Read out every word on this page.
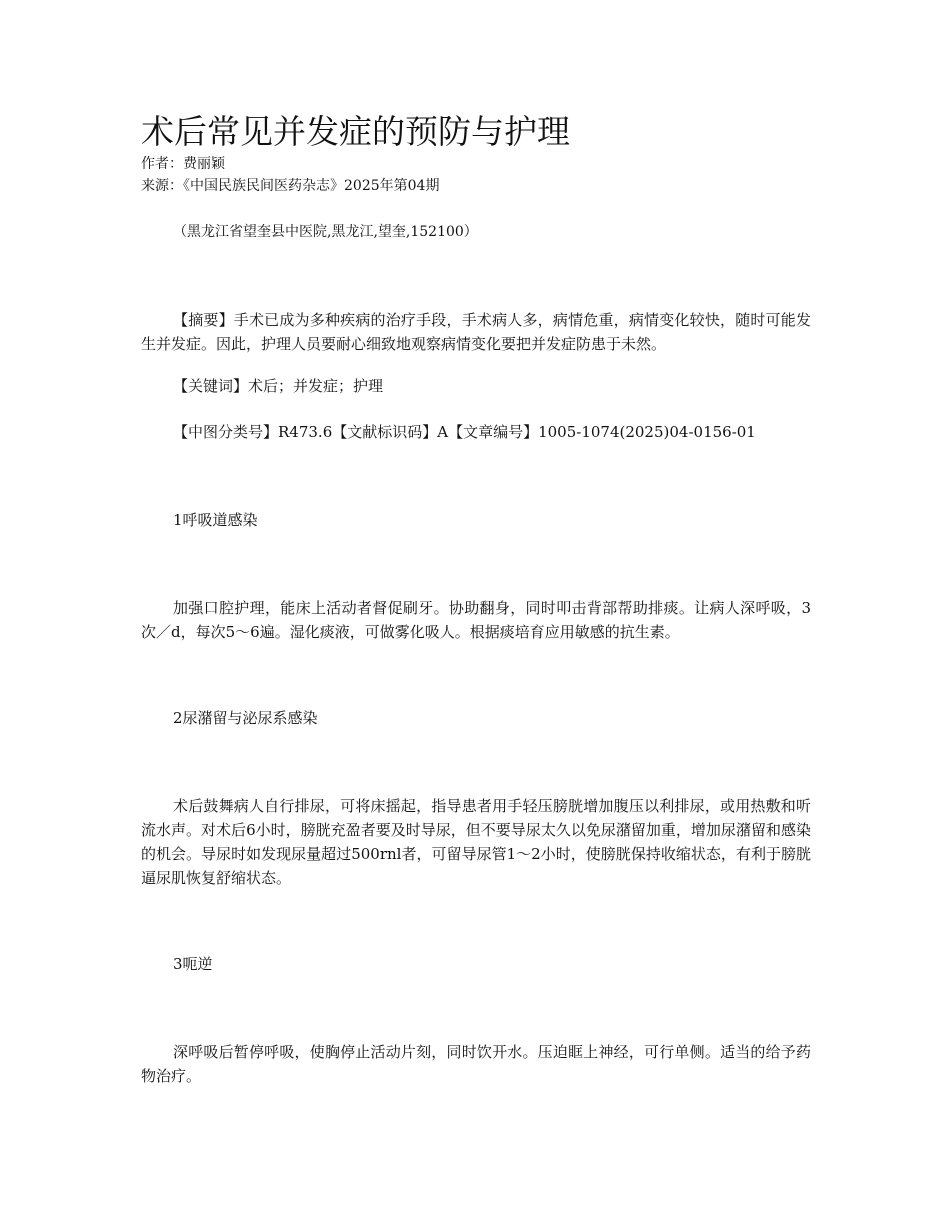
术后常见并发症的预防与护理
作者：费丽颖
来源：《中国民族民间医药杂志》2025年第04期
（黑龙江省望奎县中医院,黑龙江,望奎,152100）

【摘要】手术已成为多种疾病的治疗手段，手术病人多，病情危重，病情变化较快，随时可能发生并发症。因此，护理人员要耐心细致地观察病情变化要把并发症防患于未然。

【关键词】术后；并发症；护理

【中图分类号】R473.6【文献标识码】A【文章编号】1005-1074(2025)04-0156-01

1呼吸道感染

加强口腔护理，能床上活动者督促刷牙。协助翻身，同时叩击背部帮助排痰。让病人深呼吸，3次／d，每次5～6遍。湿化痰液，可做雾化吸人。根据痰培育应用敏感的抗生素。

2尿潴留与泌尿系感染

术后鼓舞病人自行排尿，可将床摇起，指导患者用手轻压膀胱增加腹压以利排尿，或用热敷和听流水声。对术后6小时，膀胱充盈者要及时导尿，但不要导尿太久以免尿潴留加重，增加尿潴留和感染的机会。导尿时如发现尿量超过500rnl者，可留导尿管1～2小时，使膀胱保持收缩状态，有利于膀胱逼尿肌恢复舒缩状态。

3呃逆

深呼吸后暂停呼吸，使胸停止活动片刻，同时饮开水。压迫眶上神经，可行单侧。适当的给予药物治疗。
